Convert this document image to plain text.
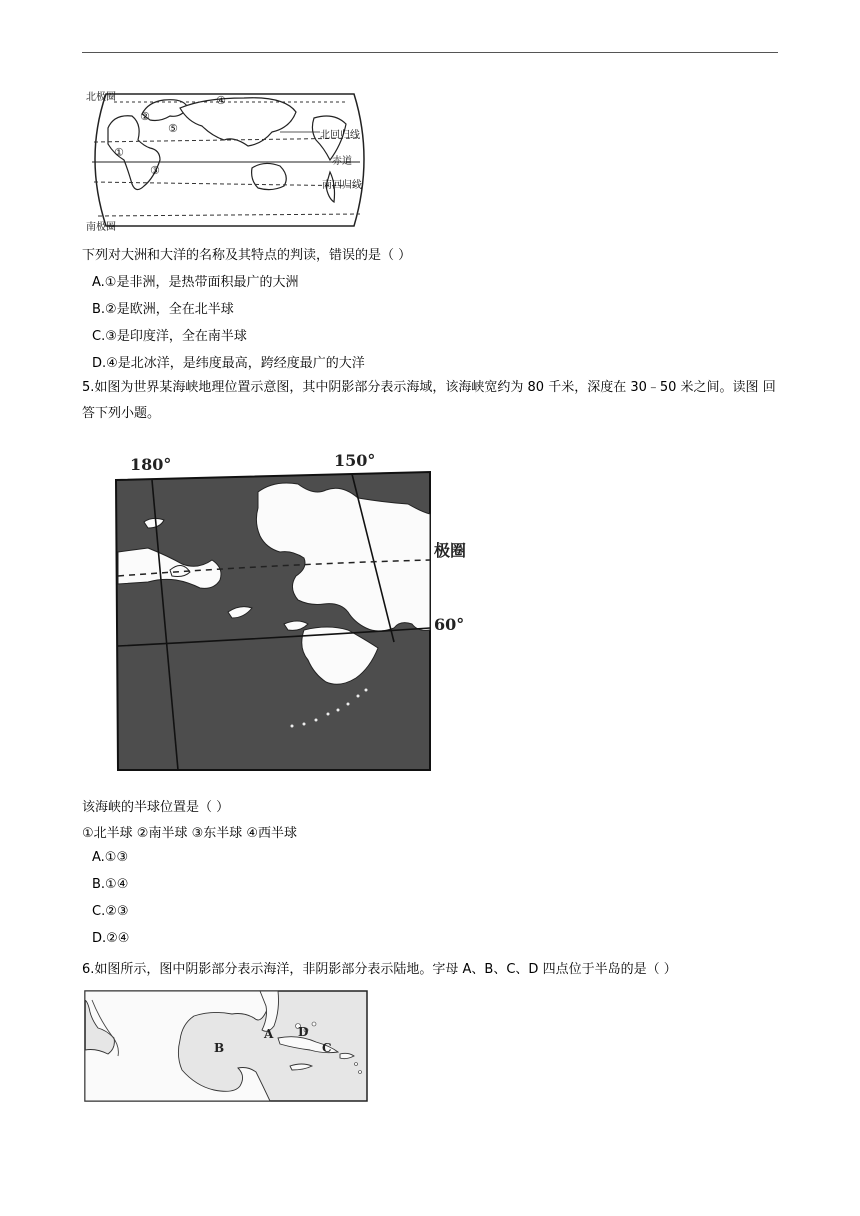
北极圈
南极圈
北回归线
赤道
南回归线
①
②
③
④
⑤
下列对大洲和大洋的名称及其特点的判读，错误的是（ ）
A.①是非洲，是热带面积最广的大洲
B.②是欧洲，全在北半球
C.③是印度洋，全在南半球
D.④是北冰洋，是纬度最高，跨经度最广的大洋
5.如图为世界某海峡地理位置示意图，其中阴影部分表示海域，该海峡宽约为 80 千米，深度在 30﹣50 米之间。读图 回答下列小题。
180°	150°
极圈
60°
该海峡的半球位置是（ ）
①北半球 ②南半球 ③东半球 ④西半球
A.①③
B.①④
C.②③
D.②④
6.如图所示，图中阴影部分表示海洋，非阴影部分表示陆地。字母 A、B、C、D 四点位于半岛的是（ ）
A
B	C
D
